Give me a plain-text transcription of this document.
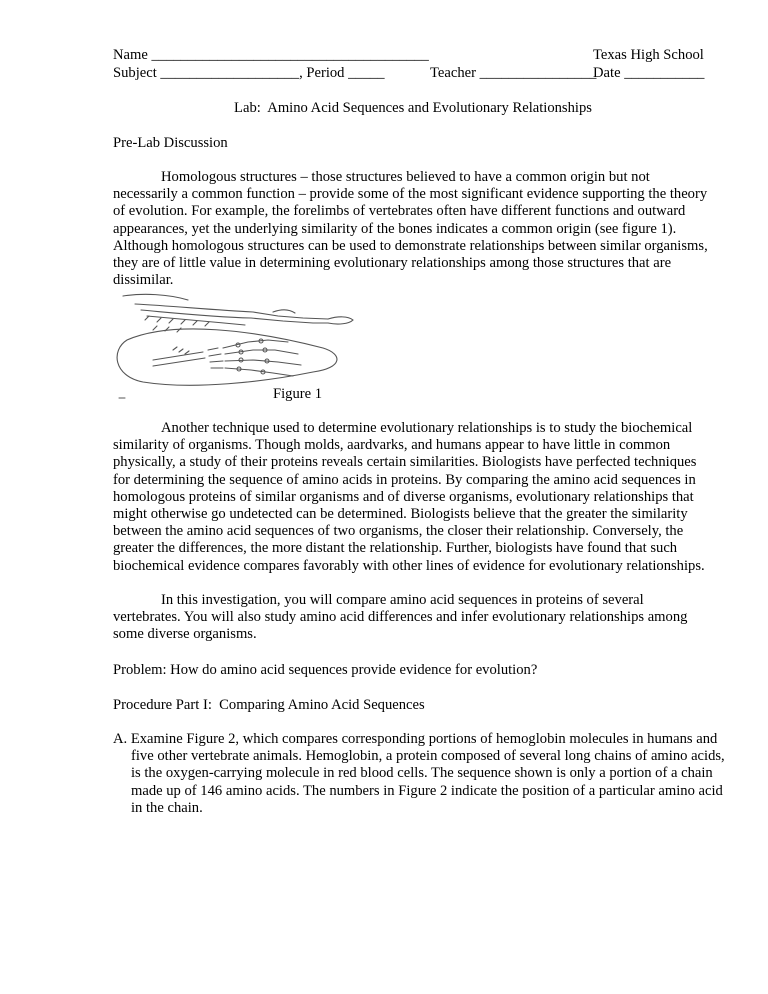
Name ______________________________________	Texas High School
Subject ___________________, Period _____	Teacher ________________
Date ___________
Lab:  Amino Acid Sequences and Evolutionary Relationships
Pre-Lab Discussion
Homologous structures – those structures believed to have a common origin but not necessarily a common function – provide some of the most significant evidence supporting the theory of evolution. For example, the forelimbs of vertebrates often have different functions and outward appearances, yet the underlying similarity of the bones indicates a common origin (see figure 1). Although homologous structures can be used to demonstrate relationships between similar organisms, they are of little value in determining evolutionary relationships among those structures that are dissimilar.
Figure 1
Another technique used to determine evolutionary relationships is to study the biochemical similarity of organisms. Though molds, aardvarks, and humans appear to have little in common physically, a study of their proteins reveals certain similarities. Biologists have perfected techniques for determining the sequence of amino acids in proteins. By comparing the amino acid sequences in homologous proteins of similar organisms and of diverse organisms, evolutionary relationships that might otherwise go undetected can be determined. Biologists believe that the greater the similarity between the amino acid sequences of two organisms, the closer their relationship. Conversely, the greater the differences, the more distant the relationship. Further, biologists have found that such biochemical evidence compares favorably with other lines of evidence for evolutionary relationships.
In this investigation, you will compare amino acid sequences in proteins of several vertebrates. You will also study amino acid differences and infer evolutionary relationships among some diverse organisms.
Problem: How do amino acid sequences provide evidence for evolution?
Procedure Part I:  Comparing Amino Acid Sequences
A. Examine Figure 2, which compares corresponding portions of hemoglobin molecules in humans and five other vertebrate animals. Hemoglobin, a protein composed of several long chains of amino acids, is the oxygen-carrying molecule in red blood cells. The sequence shown is only a portion of a chain made up of 146 amino acids. The numbers in Figure 2 indicate the position of a particular amino acid in the chain.
